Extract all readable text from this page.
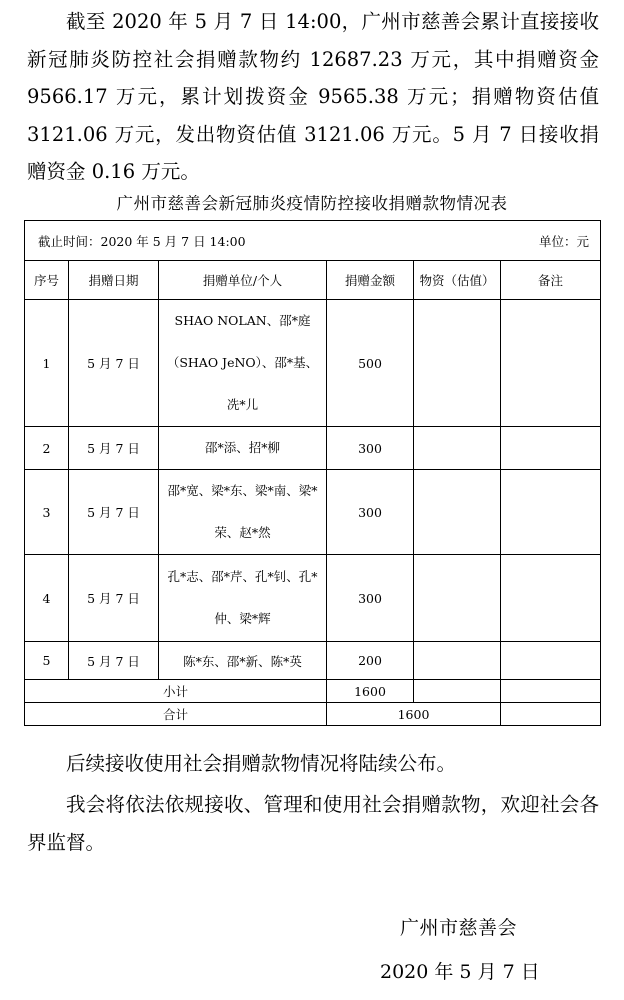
截至 2020 年 5 月 7 日 14:00，广州市慈善会累计直接接收新冠肺炎防控社会捐赠款物约 12687.23 万元，其中捐赠资金 9566.17 万元，累计划拨资金 9565.38 万元；捐赠物资估值 3121.06 万元，发出物资估值 3121.06 万元。5 月 7 日接收捐赠资金 0.16 万元。

广州市慈善会新冠肺炎疫情防控接收捐赠款物情况表
截止时间：2020 年 5 月 7 日 14:00 单位：元					

序号	捐赠日期	捐赠单位/个人	捐赠金额	物资（估值）	备注
1	5 月 7 日	SHAO NOLAN、邵*庭（SHAO JeNO）、邵*基、冼*儿	500		
2	5 月 7 日	邵*添、招*柳	300		
3	5 月 7 日	邵*宽、梁*东、梁*南、梁*荣、赵*然	300		
4	5 月 7 日	孔*志、邵*芹、孔*钊、孔*仲、梁*辉	300		
5	5 月 7 日	陈*东、邵*新、陈*英	200		
小计			1600		
合计			1600		

后续接收使用社会捐赠款物情况将陆续公布。

我会将依法依规接收、管理和使用社会捐赠款物，欢迎社会各界监督。

广州市慈善会
2020 年 5 月 7 日
